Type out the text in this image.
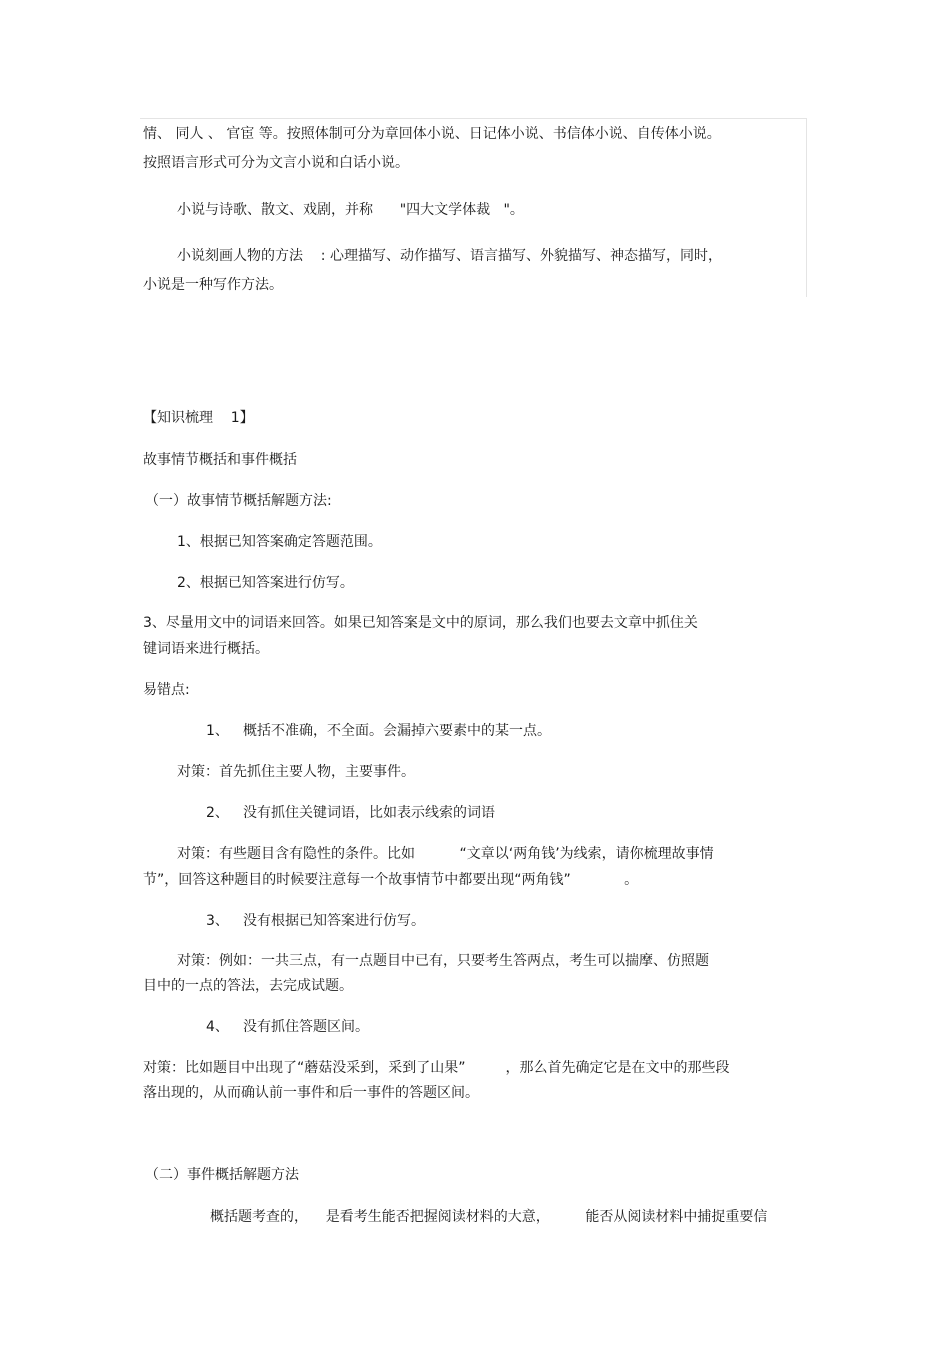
情、 同人 、 官宦 等。按照体制可分为章回体小说、日记体小说、书信体小说、自传体小说。
按照语言形式可分为文言小说和白话小说。
小说与诗歌、散文、戏剧，并称      "四大文学体裁   "。
小说刻画人物的方法    : 心理描写、动作描写、语言描写、外貌描写、神态描写，同时，
小说是一种写作方法。
【知识梳理    1】
故事情节概括和事件概括
（一）故事情节概括解题方法:
1、根据已知答案确定答题范围。
2、根据已知答案进行仿写。
3、尽量用文中的词语来回答。如果已知答案是文中的原词，那么我们也要去文章中抓住关
键词语来进行概括。
易错点:
1、 概括不准确，不全面。会漏掉六要素中的某一点。
对策：首先抓住主要人物，主要事件。
2、 没有抓住关键词语，比如表示线索的词语
对策：有些题目含有隐性的条件。比如          “文章以‘两角钱’为线索，请你梳理故事情
节”，回答这种题目的时候要注意每一个故事情节中都要出现“两角钱”            。
3、 没有根据已知答案进行仿写。
对策：例如：一共三点，有一点题目中已有，只要考生答两点，考生可以揣摩、仿照题
目中的一点的答法，去完成试题。
4、 没有抓住答题区间。
对策：比如题目中出现了“蘑菇没采到，采到了山果”         ，那么首先确定它是在文中的那些段
落出现的，从而确认前一事件和后一事件的答题区间。
（二）事件概括解题方法
概括题考查的，    是看考生能否把握阅读材料的大意，        能否从阅读材料中捕捉重要信
